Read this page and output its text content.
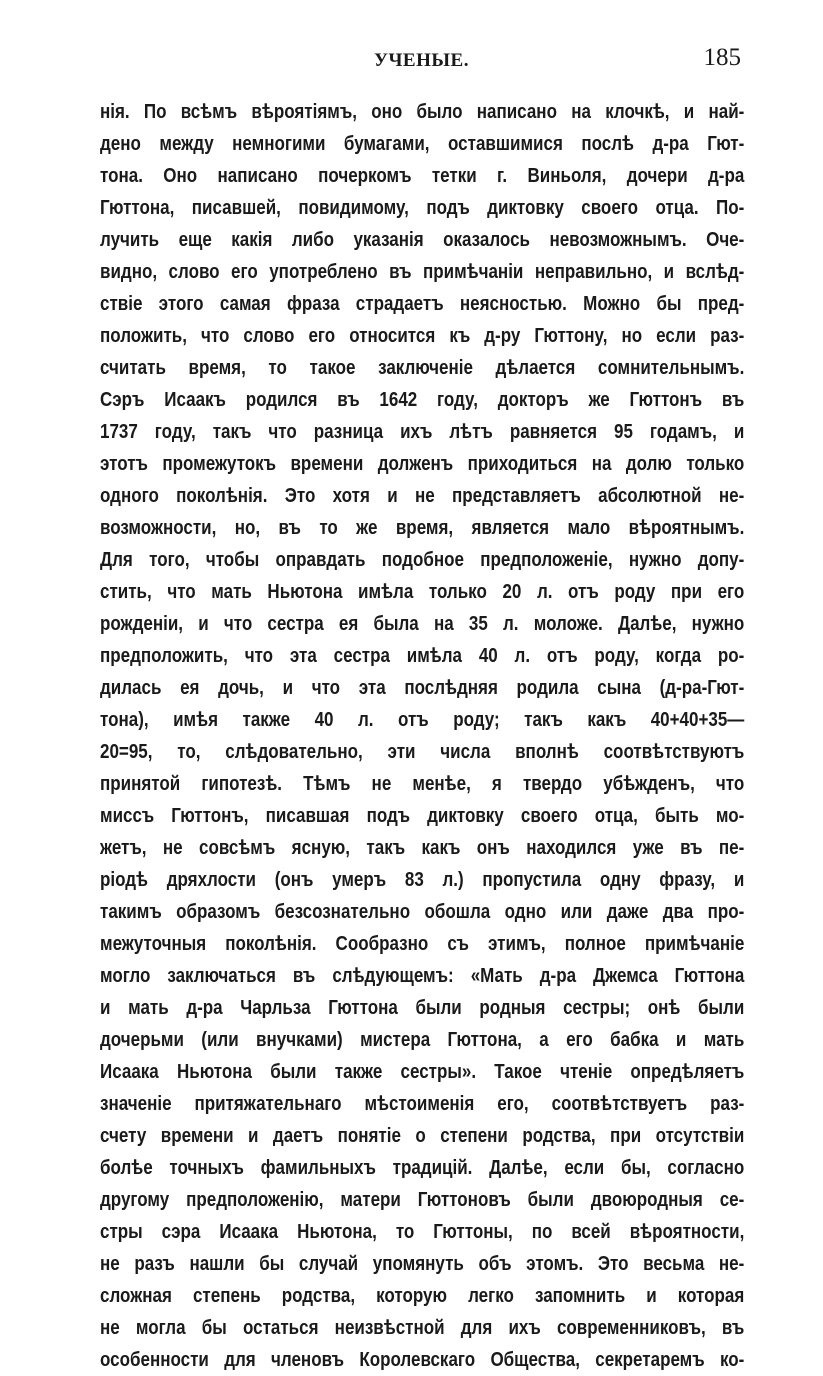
УЧЕНЫЕ.	185
нія. По всѣмъ вѣроятіямъ, оно было написано на клочкѣ, и най-
дено между немногими бумагами, оставшимися послѣ д-ра Гют-
тона. Оно написано почеркомъ тетки г. Виньоля, дочери д-ра
Гюттона, писавшей, повидимому, подъ диктовку своего отца. По-
лучить еще какія либо указанія оказалось невозможнымъ. Оче-
видно, слово его употреблено въ примѣчаніи неправильно, и вслѣд-
ствіе этого самая фраза страдаетъ неясностью. Можно бы пред-
положить, что слово его относится къ д-ру Гюттону, но если раз-
считать время, то такое заключеніе дѣлается сомнительнымъ.
Сэръ Исаакъ родился въ 1642 году, докторъ же Гюттонъ въ
1737 году, такъ что разница ихъ лѣтъ равняется 95 годамъ, и
этотъ промежутокъ времени долженъ приходиться на долю только
одного поколѣнія. Это хотя и не представляетъ абсолютной не-
возможности, но, въ то же время, является мало вѣроятнымъ.
Для того, чтобы оправдать подобное предположеніе, нужно допу-
стить, что мать Ньютона имѣла только 20 л. отъ роду при его
рожденіи, и что сестра ея была на 35 л. моложе. Далѣе, нужно
предположить, что эта сестра имѣла 40 л. отъ роду, когда ро-
дилась ея дочь, и что эта послѣдняя родила сына (д-ра-Гют-
тона), имѣя также 40 л. отъ роду; такъ какъ 40+40+35—
20=95, то, слѣдовательно, эти числа вполнѣ соотвѣтствуютъ
принятой гипотезѣ. Тѣмъ не менѣе, я твердо убѣжденъ, что
миссъ Гюттонъ, писавшая подъ диктовку своего отца, быть мо-
жетъ, не совсѣмъ ясную, такъ какъ онъ находился уже въ пе-
ріодѣ дряхлости (онъ умеръ 83 л.) пропустила одну фразу, и
такимъ образомъ безсознательно обошла одно или даже два про-
межуточныя поколѣнія. Сообразно съ этимъ, полное примѣчаніе
могло заключаться въ слѣдующемъ: «Мать д-ра Джемса Гюттона
и мать д-ра Чарльза Гюттона были родныя сестры; онѣ были
дочерьми (или внучками) мистера Гюттона, а его бабка и мать
Исаака Ньютона были также сестры». Такое чтеніе опредѣляетъ
значеніе притяжательнаго мѣстоименія его, соотвѣтствуетъ раз-
счету времени и даетъ понятіе о степени родства, при отсутствіи
болѣе точныхъ фамильныхъ традицій. Далѣе, если бы, согласно
другому предположенію, матери Гюттоновъ были двоюродныя се-
стры сэра Исаака Ньютона, то Гюттоны, по всей вѣроятности,
не разъ нашли бы случай упомянуть объ этомъ. Это весьма не-
сложная степень родства, которую легко запомнить и которая
не могла бы остаться неизвѣстной для ихъ современниковъ, въ
особенности для членовъ Королевскаго Общества, секретаремъ ко-
